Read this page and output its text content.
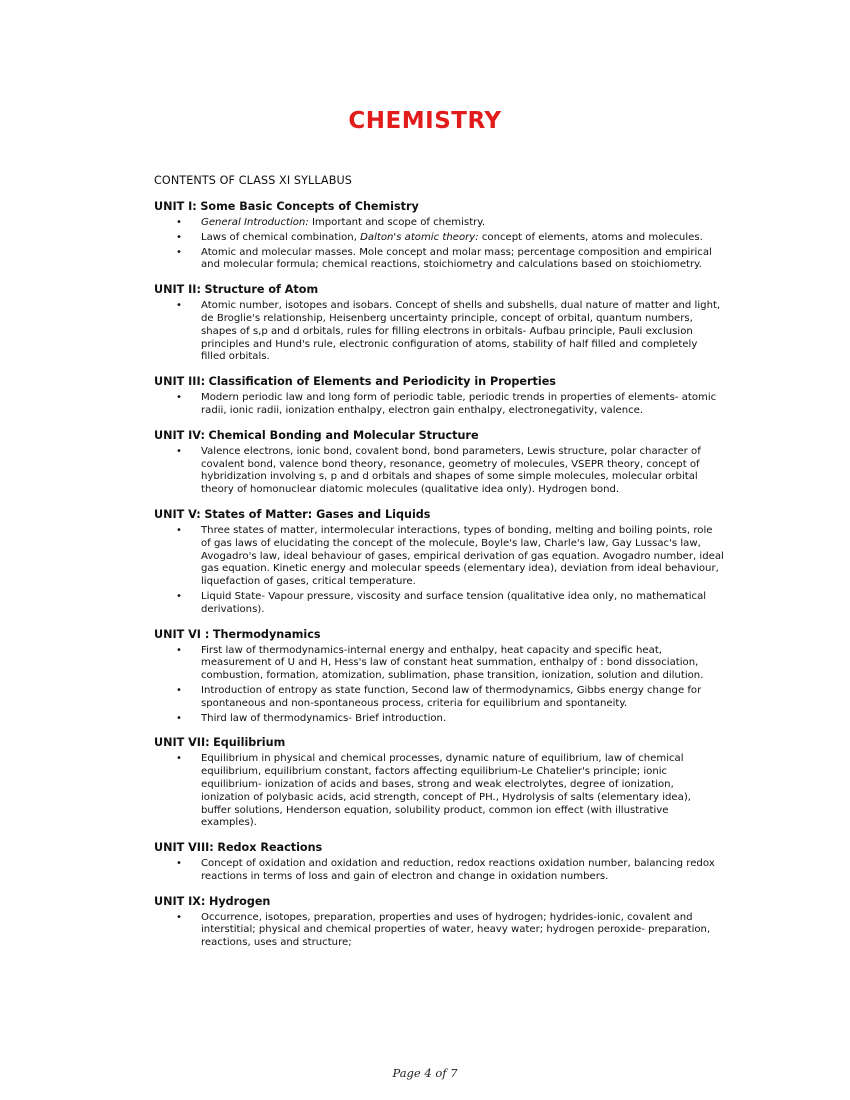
CHEMISTRY
CONTENTS OF CLASS XI SYLLABUS
UNIT I: Some Basic Concepts of Chemistry
• General Introduction: Important and scope of chemistry.
• Laws of chemical combination, Dalton's atomic theory: concept of elements, atoms and molecules.
• Atomic and molecular masses. Mole concept and molar mass; percentage composition and empirical and molecular formula; chemical reactions, stoichiometry and calculations based on stoichiometry.
UNIT II: Structure of Atom
• Atomic number, isotopes and isobars. Concept of shells and subshells, dual nature of matter and light, de Broglie's relationship, Heisenberg uncertainty principle, concept of orbital, quantum numbers, shapes of s,p and d orbitals, rules for filling electrons in orbitals- Aufbau principle, Pauli exclusion principles and Hund's rule, electronic configuration of atoms, stability of half filled and completely filled orbitals.
UNIT III: Classification of Elements and Periodicity in Properties
• Modern periodic law and long form of periodic table, periodic trends in properties of elements- atomic radii, ionic radii, ionization enthalpy, electron gain enthalpy, electronegativity, valence.
UNIT IV: Chemical Bonding and Molecular Structure
• Valence electrons, ionic bond, covalent bond, bond parameters, Lewis structure, polar character of covalent bond, valence bond theory, resonance, geometry of molecules, VSEPR theory, concept of hybridization involving s, p and d orbitals and shapes of some simple molecules, molecular orbital theory of homonuclear diatomic molecules (qualitative idea only). Hydrogen bond.
UNIT V: States of Matter: Gases and Liquids
• Three states of matter, intermolecular interactions, types of bonding, melting and boiling points, role of gas laws of elucidating the concept of the molecule, Boyle's law, Charle's law, Gay Lussac's law, Avogadro's law, ideal behaviour of gases, empirical derivation of gas equation. Avogadro number, ideal gas equation. Kinetic energy and molecular speeds (elementary idea), deviation from ideal behaviour, liquefaction of gases, critical temperature.
• Liquid State- Vapour pressure, viscosity and surface tension (qualitative idea only, no mathematical derivations).
UNIT VI : Thermodynamics
• First law of thermodynamics-internal energy and enthalpy, heat capacity and specific heat, measurement of U and H, Hess's law of constant heat summation, enthalpy of : bond dissociation, combustion, formation, atomization, sublimation, phase transition, ionization, solution and dilution.
• Introduction of entropy as state function, Second law of thermodynamics, Gibbs energy change for spontaneous and non-spontaneous process, criteria for equilibrium and spontaneity.
• Third law of thermodynamics- Brief introduction.
UNIT VII: Equilibrium
• Equilibrium in physical and chemical processes, dynamic nature of equilibrium, law of chemical equilibrium, equilibrium constant, factors affecting equilibrium-Le Chatelier's principle; ionic equilibrium- ionization of acids and bases, strong and weak electrolytes, degree of ionization, ionization of polybasic acids, acid strength, concept of PH., Hydrolysis of salts (elementary idea), buffer solutions, Henderson equation, solubility product, common ion effect (with illustrative examples).
UNIT VIII: Redox Reactions
• Concept of oxidation and oxidation and reduction, redox reactions oxidation number, balancing redox reactions in terms of loss and gain of electron and change in oxidation numbers.
UNIT IX: Hydrogen
• Occurrence, isotopes, preparation, properties and uses of hydrogen; hydrides-ionic, covalent and interstitial; physical and chemical properties of water, heavy water; hydrogen peroxide- preparation, reactions, uses and structure;
Page 4 of 7
